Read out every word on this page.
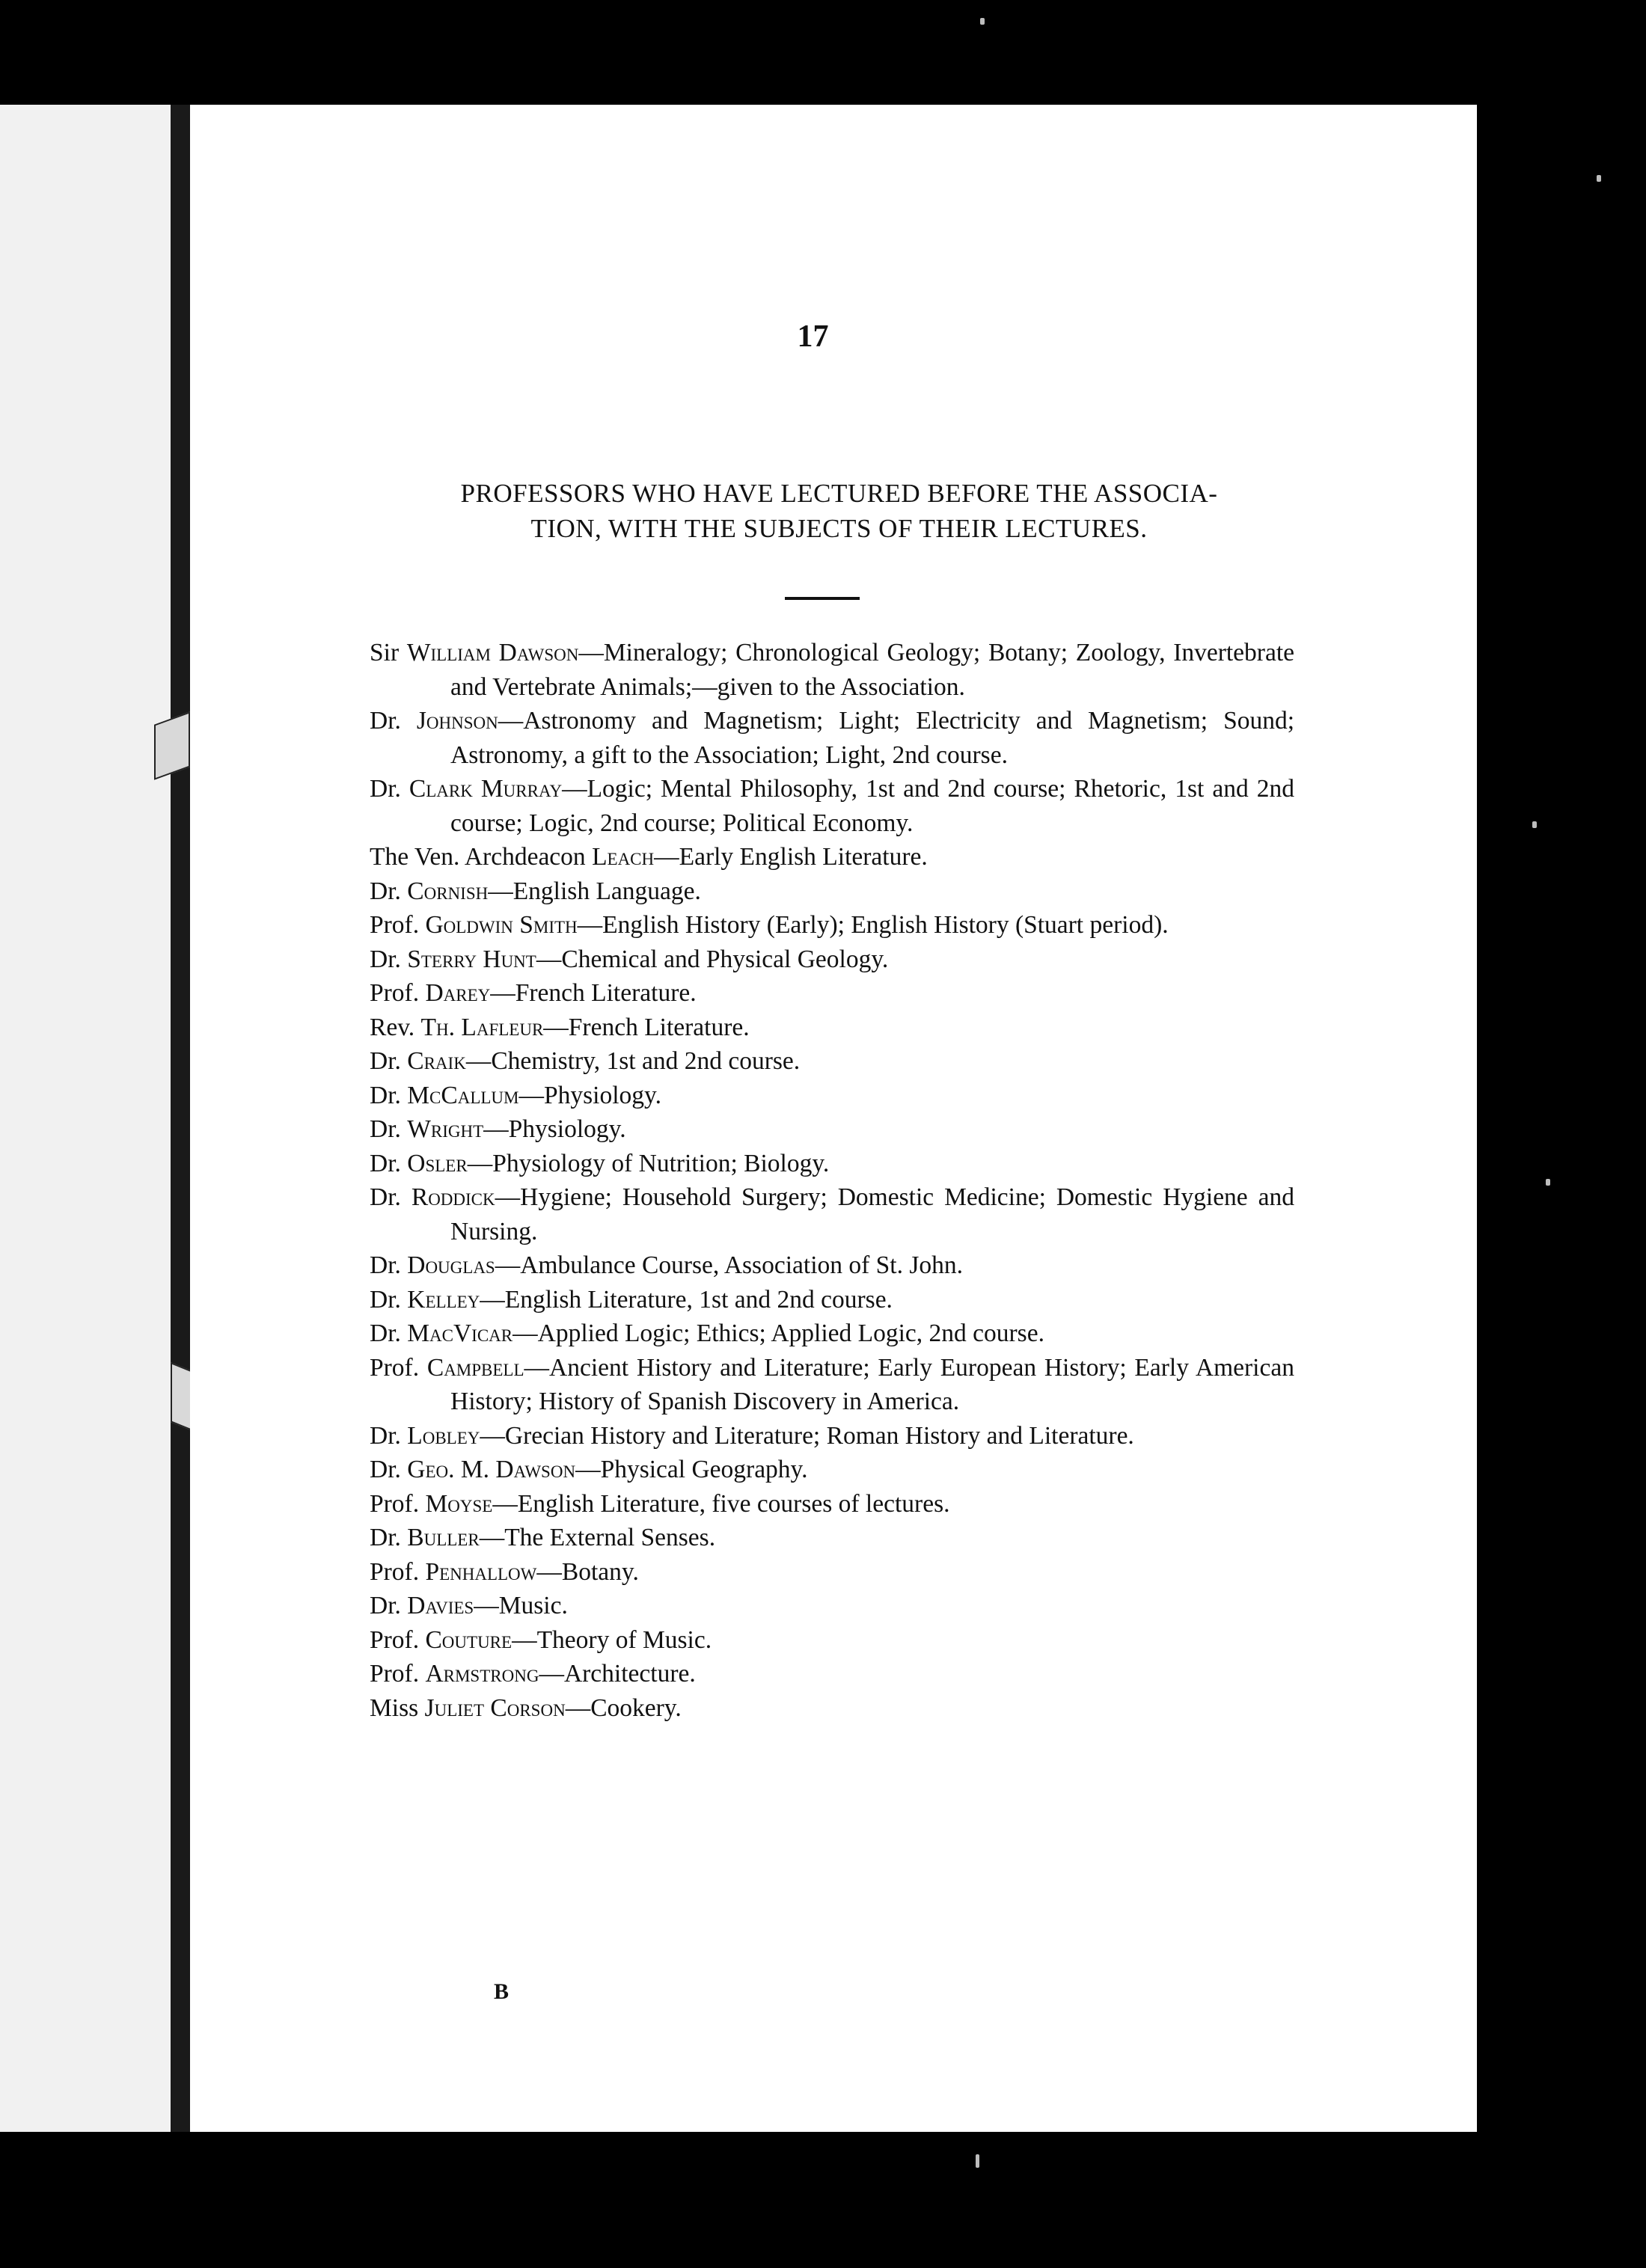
17
PROFESSORS WHO HAVE LECTURED BEFORE THE ASSOCIA-
TION, WITH THE SUBJECTS OF THEIR LECTURES.
Sir William Dawson—Mineralogy; Chronological Geology; Botany; Zoology, Invertebrate and Vertebrate Animals;—given to the Association.
Dr. Johnson—Astronomy and Magnetism; Light; Electricity and Magnetism; Sound; Astronomy, a gift to the Association; Light, 2nd course.
Dr. Clark Murray—Logic; Mental Philosophy, 1st and 2nd course; Rhetoric, 1st and 2nd course; Logic, 2nd course; Political Economy.
The Ven. Archdeacon Leach—Early English Literature.
Dr. Cornish—English Language.
Prof. Goldwin Smith—English History (Early); English History (Stuart period).
Dr. Sterry Hunt—Chemical and Physical Geology.
Prof. Darey—French Literature.
Rev. Th. Lafleur—French Literature.
Dr. Craik—Chemistry, 1st and 2nd course.
Dr. McCallum—Physiology.
Dr. Wright—Physiology.
Dr. Osler—Physiology of Nutrition; Biology.
Dr. Roddick—Hygiene; Household Surgery; Domestic Medicine; Domestic Hygiene and Nursing.
Dr. Douglas—Ambulance Course, Association of St. John.
Dr. Kelley—English Literature, 1st and 2nd course.
Dr. MacVicar—Applied Logic; Ethics; Applied Logic, 2nd course.
Prof. Campbell—Ancient History and Literature; Early European History; Early American History; History of Spanish Discovery in America.
Dr. Lobley—Grecian History and Literature; Roman History and Literature.
Dr. Geo. M. Dawson—Physical Geography.
Prof. Moyse—English Literature, five courses of lectures.
Dr. Buller—The External Senses.
Prof. Penhallow—Botany.
Dr. Davies—Music.
Prof. Couture—Theory of Music.
Prof. Armstrong—Architecture.
Miss Juliet Corson—Cookery.
B
